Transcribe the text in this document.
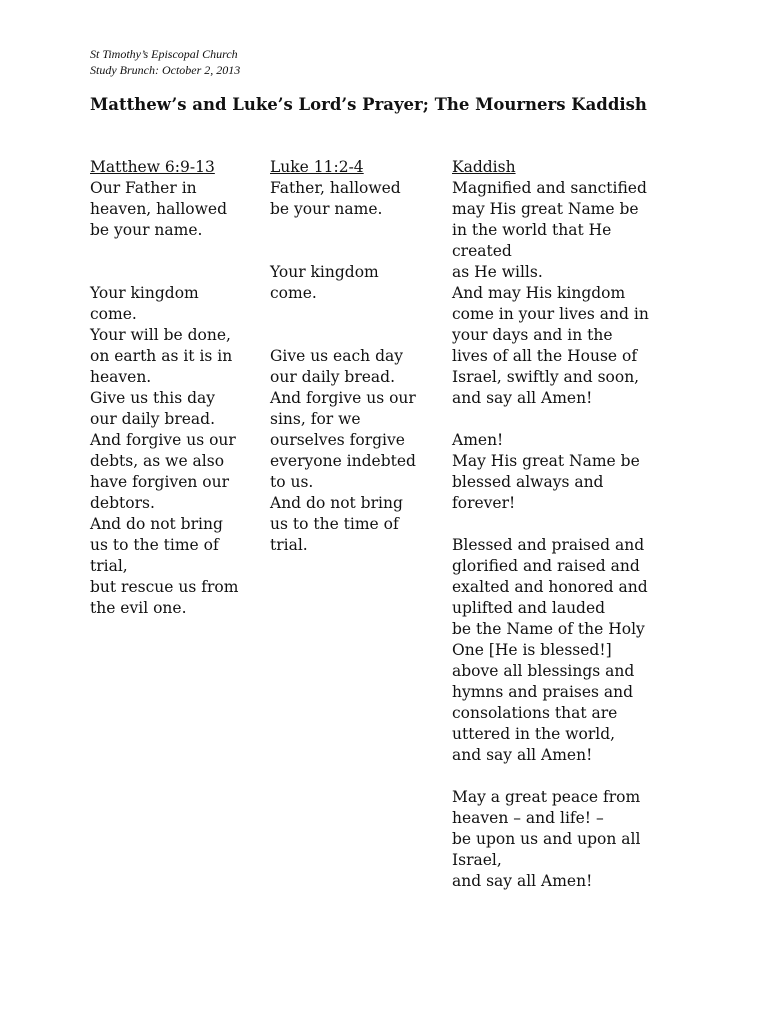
St Timothy’s Episcopal Church
Study Brunch: October 2, 2013
Matthew’s and Luke’s Lord’s Prayer; The Mourners Kaddish
Matthew 6:9-13
Our Father in
heaven, hallowed
be your name.
Your kingdom
come.
Your will be done,
on earth as it is in
heaven.
Give us this day
our daily bread.
And forgive us our
debts, as we also
have forgiven our
debtors.
And do not bring
us to the time of
trial,
but rescue us from
the evil one.
Luke 11:2-4
Father, hallowed
be your name.
Your kingdom
come.
Give us each day
our daily bread.
And forgive us our
sins, for we
ourselves forgive
everyone indebted
to us.
And do not bring
us to the time of
trial.
Kaddish
Magnified and sanctified
may His great Name be
in the world that He
created
as He wills.
And may His kingdom
come in your lives and in
your days and in the
lives of all the House of
Israel, swiftly and soon,
and say all Amen!
Amen!
May His great Name be
blessed always and
forever!
Blessed and praised and
glorified and raised and
exalted and honored and
uplifted and lauded
be the Name of the Holy
One [He is blessed!]
above all blessings and
hymns and praises and
consolations that are
uttered in the world,
and say all Amen!
May a great peace from
heaven – and life! –
be upon us and upon all
Israel,
and say all Amen!
